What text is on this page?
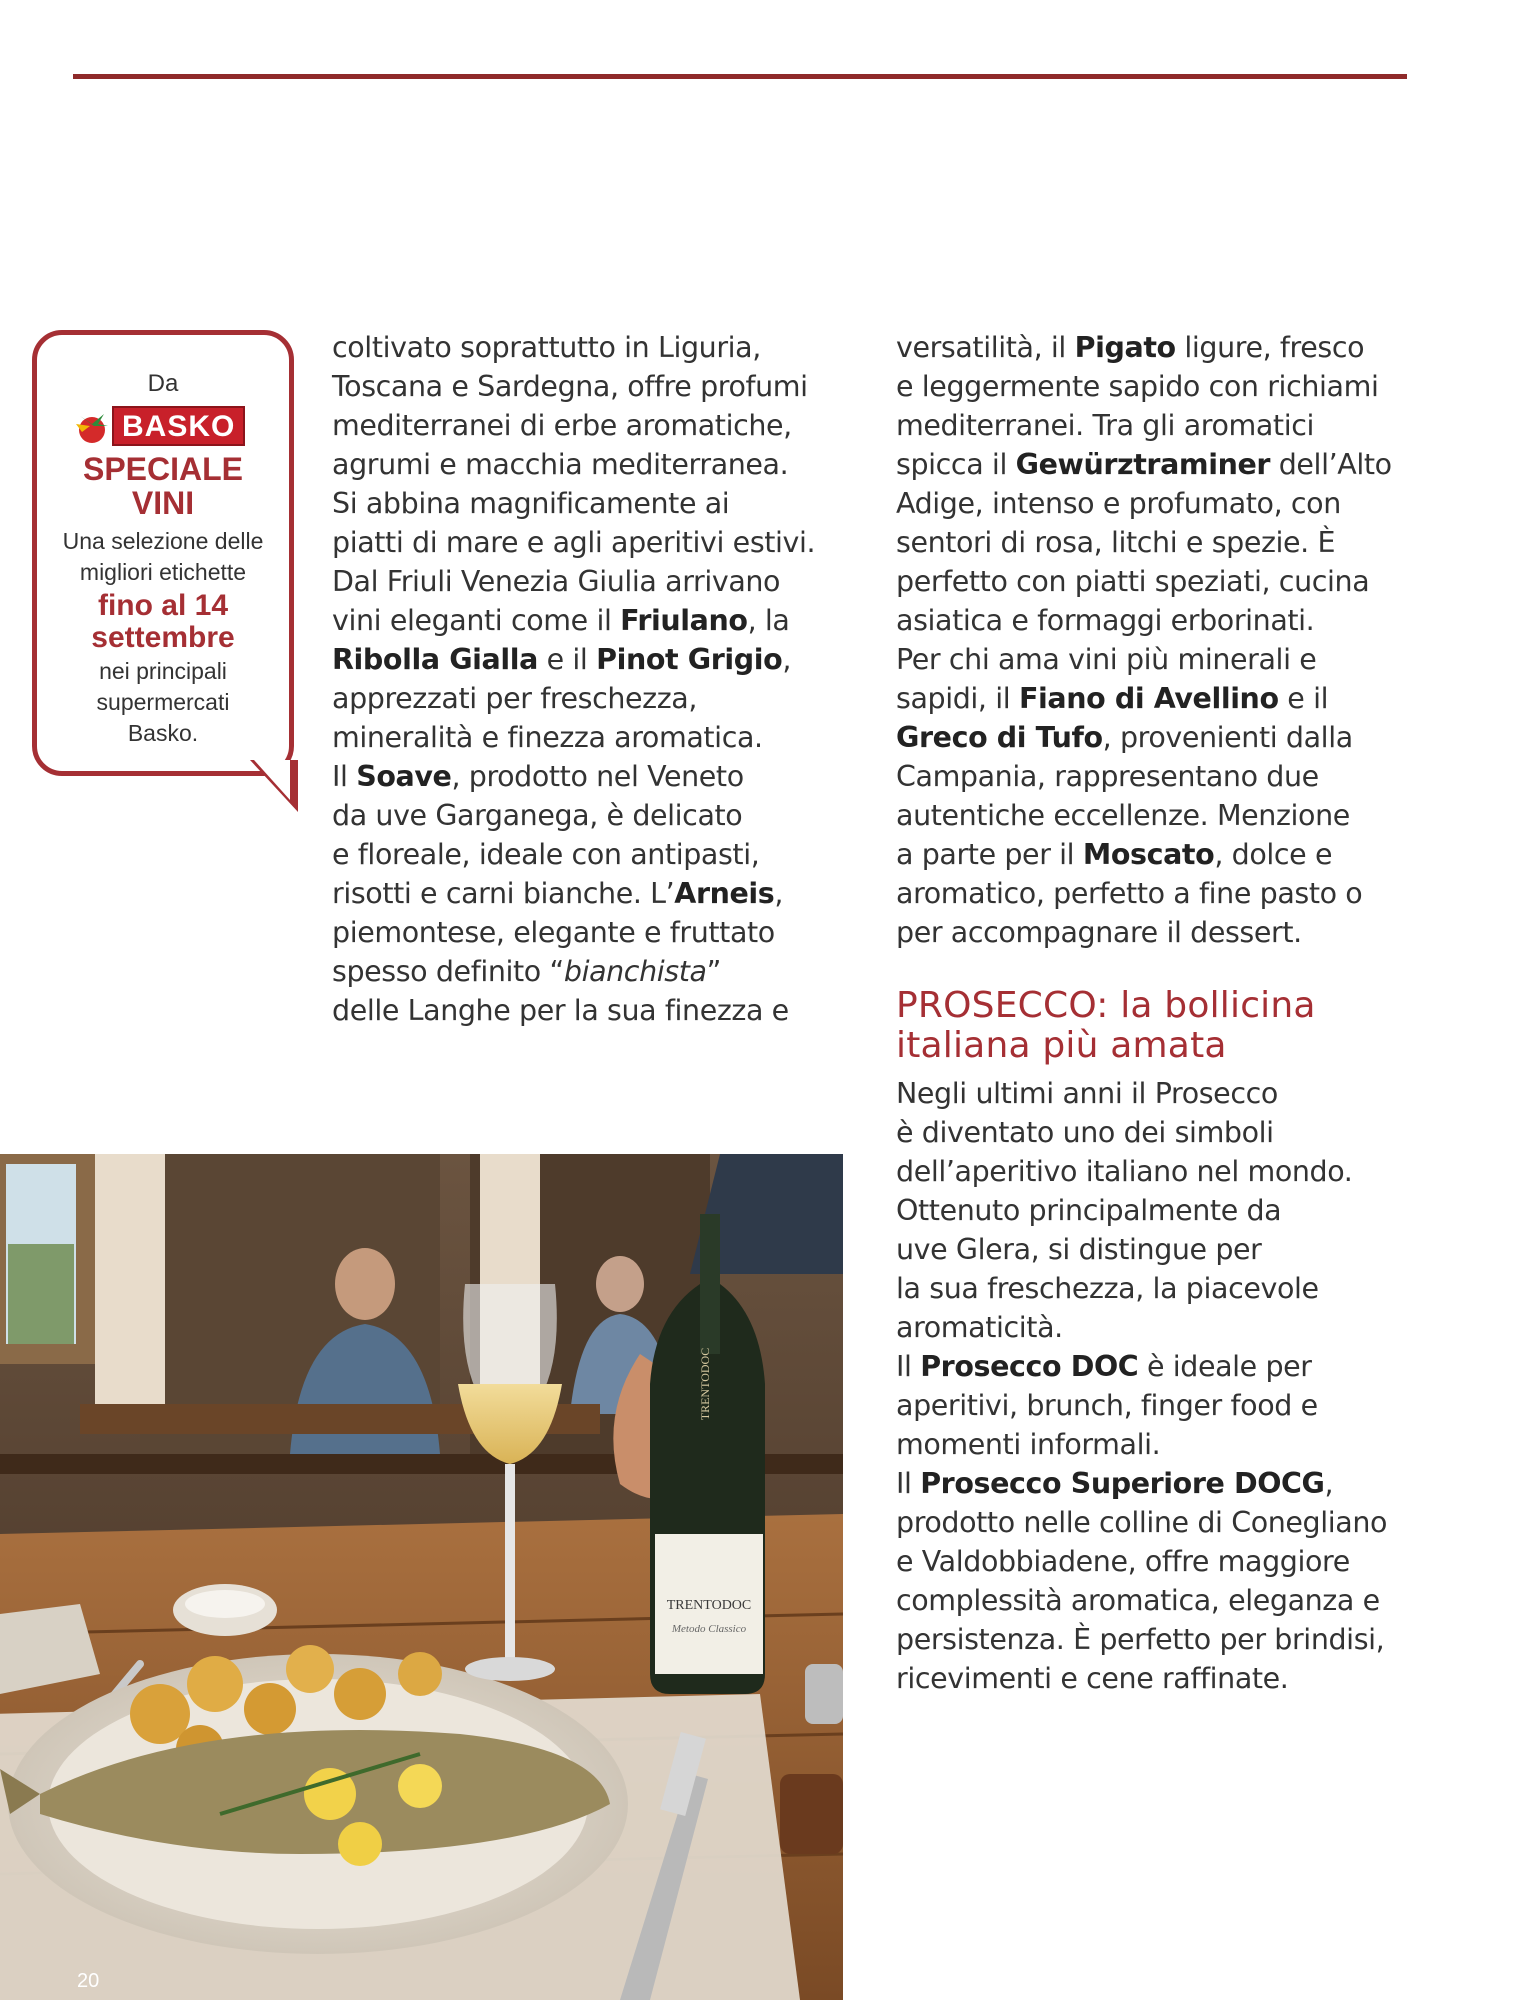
Da
BASKO
SPECIALE
VINI
Una selezione delle
migliori etichette
fino al 14
settembre
nei principali
supermercati
Basko.

coltivato soprattutto in Liguria,

Toscana e Sardegna, offre profumi

mediterranei di erbe aromatiche,

agrumi e macchia mediterranea.

Si abbina magnificamente ai

piatti di mare e agli aperitivi estivi.

Dal Friuli Venezia Giulia arrivano

vini eleganti come il Friulano, la

Ribolla Gialla e il Pinot Grigio,

apprezzati per freschezza,

mineralità e finezza aromatica.

Il Soave, prodotto nel Veneto

da uve Garganega, è delicato

e floreale, ideale con antipasti,

risotti e carni bianche. L’Arneis,

piemontese, elegante e fruttato

spesso definito “bianchista”

delle Langhe per la sua finezza e

versatilità, il Pigato ligure, fresco

e leggermente sapido con richiami

mediterranei. Tra gli aromatici

spicca il Gewürztraminer dell’Alto

Adige, intenso e profumato, con

sentori di rosa, litchi e spezie. È

perfetto con piatti speziati, cucina

asiatica e formaggi erborinati.

Per chi ama vini più minerali e

sapidi, il Fiano di Avellino e il

Greco di Tufo, provenienti dalla

Campania, rappresentano due

autentiche eccellenze. Menzione

a parte per il Moscato, dolce e

aromatico, perfetto a fine pasto o

per accompagnare il dessert.

PROSECCO: la bollicina

italiana più amata

Negli ultimi anni il Prosecco

è diventato uno dei simboli

dell’aperitivo italiano nel mondo.

Ottenuto principalmente da

uve Glera, si distingue per

la sua freschezza, la piacevole

aromaticità.

Il Prosecco DOC è ideale per

aperitivi, brunch, finger food e

momenti informali.

Il Prosecco Superiore DOCG,

prodotto nelle colline di Conegliano

e Valdobbiadene, offre maggiore

complessità aromatica, eleganza e

persistenza. È perfetto per brindisi,

ricevimenti e cene raffinate.

TRENTODOC
TRENTODOC
Metodo Classico
20
